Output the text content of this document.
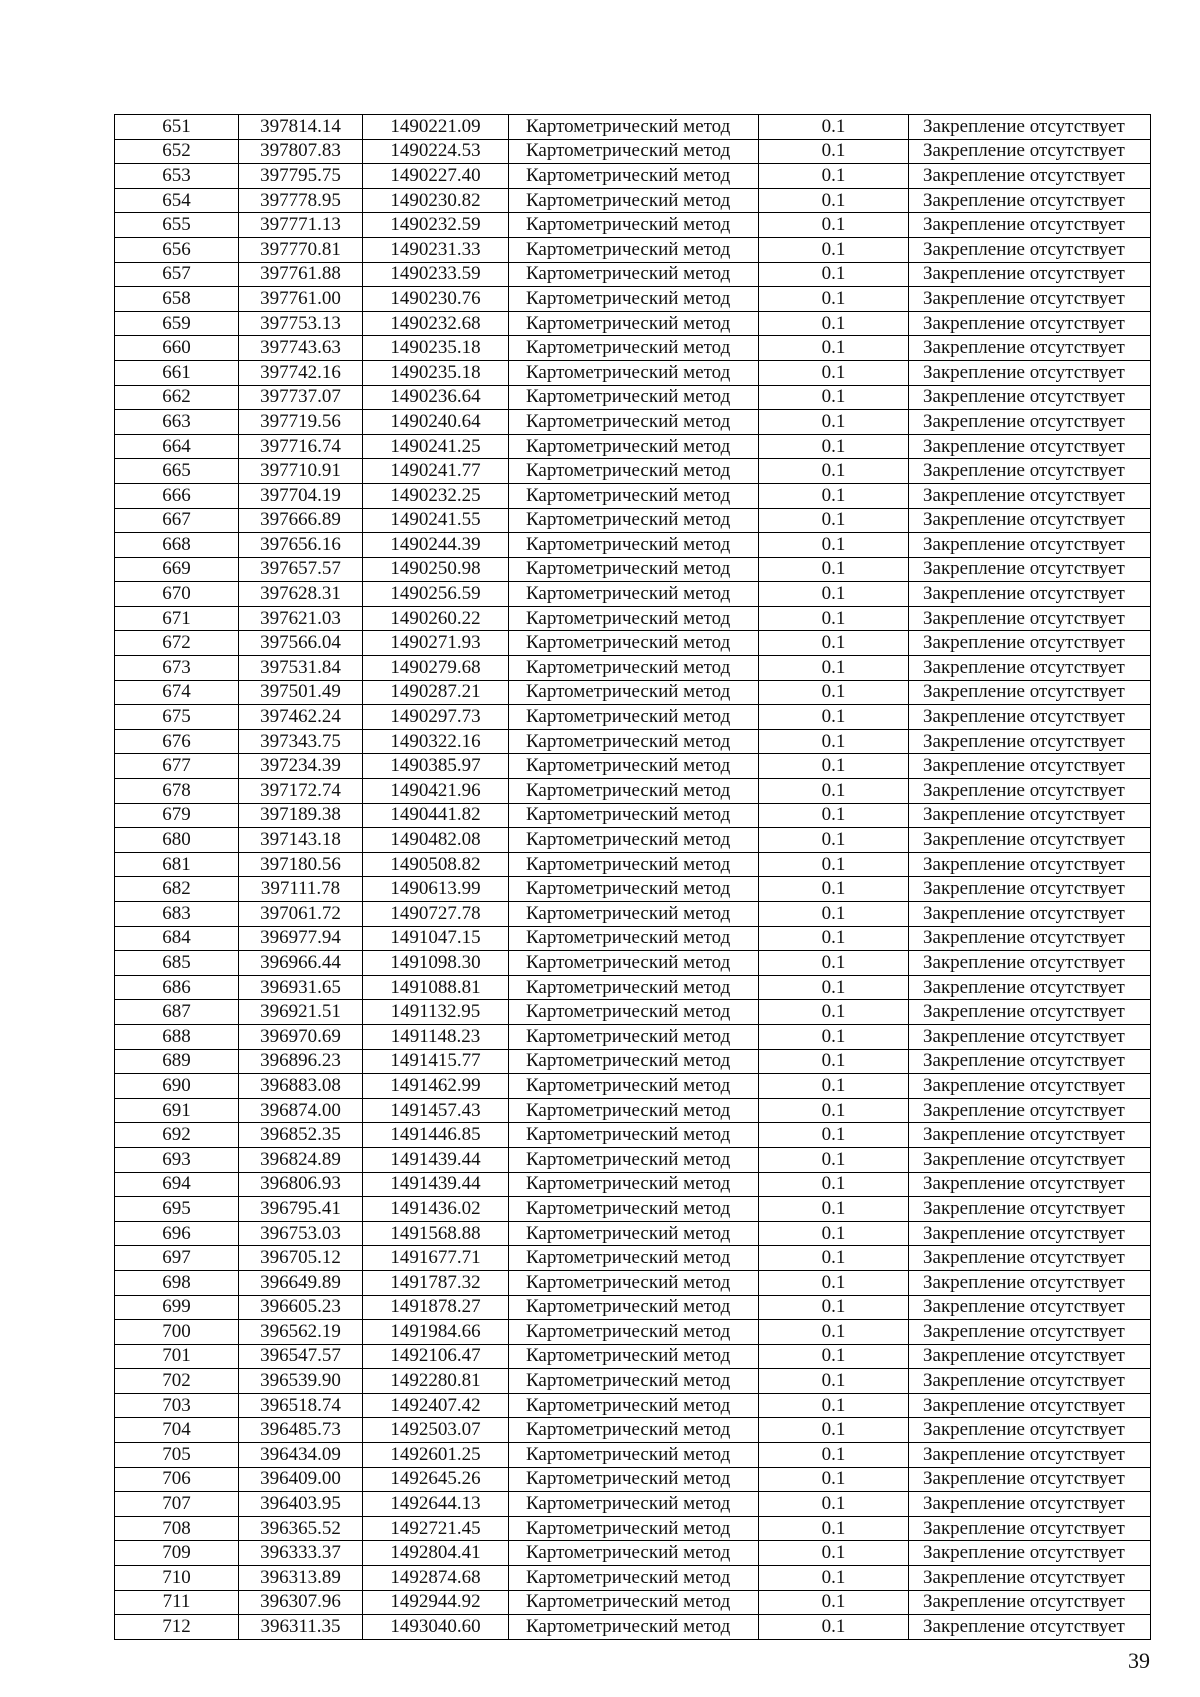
651	397814.14	1490221.09	Картометрический метод	0.1	Закрепление отсутствует
652	397807.83	1490224.53	Картометрический метод	0.1	Закрепление отсутствует
653	397795.75	1490227.40	Картометрический метод	0.1	Закрепление отсутствует
654	397778.95	1490230.82	Картометрический метод	0.1	Закрепление отсутствует
655	397771.13	1490232.59	Картометрический метод	0.1	Закрепление отсутствует
656	397770.81	1490231.33	Картометрический метод	0.1	Закрепление отсутствует
657	397761.88	1490233.59	Картометрический метод	0.1	Закрепление отсутствует
658	397761.00	1490230.76	Картометрический метод	0.1	Закрепление отсутствует
659	397753.13	1490232.68	Картометрический метод	0.1	Закрепление отсутствует
660	397743.63	1490235.18	Картометрический метод	0.1	Закрепление отсутствует
661	397742.16	1490235.18	Картометрический метод	0.1	Закрепление отсутствует
662	397737.07	1490236.64	Картометрический метод	0.1	Закрепление отсутствует
663	397719.56	1490240.64	Картометрический метод	0.1	Закрепление отсутствует
664	397716.74	1490241.25	Картометрический метод	0.1	Закрепление отсутствует
665	397710.91	1490241.77	Картометрический метод	0.1	Закрепление отсутствует
666	397704.19	1490232.25	Картометрический метод	0.1	Закрепление отсутствует
667	397666.89	1490241.55	Картометрический метод	0.1	Закрепление отсутствует
668	397656.16	1490244.39	Картометрический метод	0.1	Закрепление отсутствует
669	397657.57	1490250.98	Картометрический метод	0.1	Закрепление отсутствует
670	397628.31	1490256.59	Картометрический метод	0.1	Закрепление отсутствует
671	397621.03	1490260.22	Картометрический метод	0.1	Закрепление отсутствует
672	397566.04	1490271.93	Картометрический метод	0.1	Закрепление отсутствует
673	397531.84	1490279.68	Картометрический метод	0.1	Закрепление отсутствует
674	397501.49	1490287.21	Картометрический метод	0.1	Закрепление отсутствует
675	397462.24	1490297.73	Картометрический метод	0.1	Закрепление отсутствует
676	397343.75	1490322.16	Картометрический метод	0.1	Закрепление отсутствует
677	397234.39	1490385.97	Картометрический метод	0.1	Закрепление отсутствует
678	397172.74	1490421.96	Картометрический метод	0.1	Закрепление отсутствует
679	397189.38	1490441.82	Картометрический метод	0.1	Закрепление отсутствует
680	397143.18	1490482.08	Картометрический метод	0.1	Закрепление отсутствует
681	397180.56	1490508.82	Картометрический метод	0.1	Закрепление отсутствует
682	397111.78	1490613.99	Картометрический метод	0.1	Закрепление отсутствует
683	397061.72	1490727.78	Картометрический метод	0.1	Закрепление отсутствует
684	396977.94	1491047.15	Картометрический метод	0.1	Закрепление отсутствует
685	396966.44	1491098.30	Картометрический метод	0.1	Закрепление отсутствует
686	396931.65	1491088.81	Картометрический метод	0.1	Закрепление отсутствует
687	396921.51	1491132.95	Картометрический метод	0.1	Закрепление отсутствует
688	396970.69	1491148.23	Картометрический метод	0.1	Закрепление отсутствует
689	396896.23	1491415.77	Картометрический метод	0.1	Закрепление отсутствует
690	396883.08	1491462.99	Картометрический метод	0.1	Закрепление отсутствует
691	396874.00	1491457.43	Картометрический метод	0.1	Закрепление отсутствует
692	396852.35	1491446.85	Картометрический метод	0.1	Закрепление отсутствует
693	396824.89	1491439.44	Картометрический метод	0.1	Закрепление отсутствует
694	396806.93	1491439.44	Картометрический метод	0.1	Закрепление отсутствует
695	396795.41	1491436.02	Картометрический метод	0.1	Закрепление отсутствует
696	396753.03	1491568.88	Картометрический метод	0.1	Закрепление отсутствует
697	396705.12	1491677.71	Картометрический метод	0.1	Закрепление отсутствует
698	396649.89	1491787.32	Картометрический метод	0.1	Закрепление отсутствует
699	396605.23	1491878.27	Картометрический метод	0.1	Закрепление отсутствует
700	396562.19	1491984.66	Картометрический метод	0.1	Закрепление отсутствует
701	396547.57	1492106.47	Картометрический метод	0.1	Закрепление отсутствует
702	396539.90	1492280.81	Картометрический метод	0.1	Закрепление отсутствует
703	396518.74	1492407.42	Картометрический метод	0.1	Закрепление отсутствует
704	396485.73	1492503.07	Картометрический метод	0.1	Закрепление отсутствует
705	396434.09	1492601.25	Картометрический метод	0.1	Закрепление отсутствует
706	396409.00	1492645.26	Картометрический метод	0.1	Закрепление отсутствует
707	396403.95	1492644.13	Картометрический метод	0.1	Закрепление отсутствует
708	396365.52	1492721.45	Картометрический метод	0.1	Закрепление отсутствует
709	396333.37	1492804.41	Картометрический метод	0.1	Закрепление отсутствует
710	396313.89	1492874.68	Картометрический метод	0.1	Закрепление отсутствует
711	396307.96	1492944.92	Картометрический метод	0.1	Закрепление отсутствует
712	396311.35	1493040.60	Картометрический метод	0.1	Закрепление отсутствует
39
